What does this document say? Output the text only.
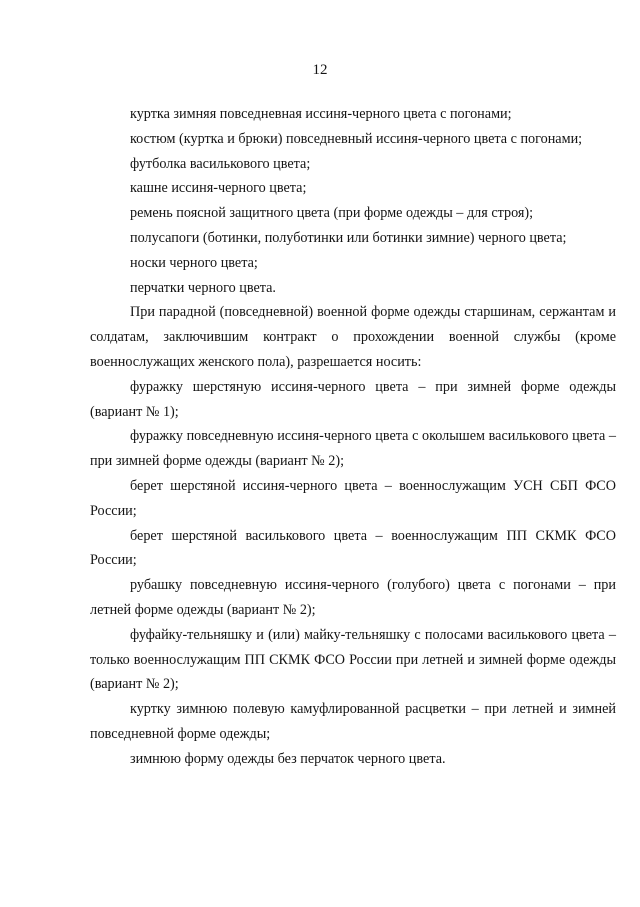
12

куртка зимняя повседневная иссиня-черного цвета с погонами;

костюм (куртка и брюки) повседневный иссиня-черного цвета с погонами;

футболка василькового цвета;

кашне иссиня-черного цвета;

ремень поясной защитного цвета (при форме одежды – для строя);

полусапоги (ботинки, полуботинки или ботинки зимние) черного цвета;

носки черного цвета;

перчатки черного цвета.

При парадной (повседневной) военной форме одежды старшинам, сержантам и солдатам, заключившим контракт о прохождении военной службы (кроме военнослужащих женского пола), разрешается носить:

фуражку шерстяную иссиня-черного цвета – при зимней форме одежды (вариант № 1);

фуражку повседневную иссиня-черного цвета с околышем василькового цвета – при зимней форме одежды (вариант № 2);

берет шерстяной иссиня-черного цвета – военнослужащим УСН СБП ФСО России;

берет шерстяной василькового цвета – военнослужащим ПП СКМК ФСО России;

рубашку повседневную иссиня-черного (голубого) цвета с погонами – при летней форме одежды (вариант № 2);

фуфайку-тельняшку и (или) майку-тельняшку с полосами василькового цвета – только военнослужащим ПП СКМК ФСО России при летней и зимней форме одежды (вариант № 2);

куртку зимнюю полевую камуфлированной расцветки – при летней и зимней повседневной форме одежды;

зимнюю форму одежды без перчаток черного цвета.
